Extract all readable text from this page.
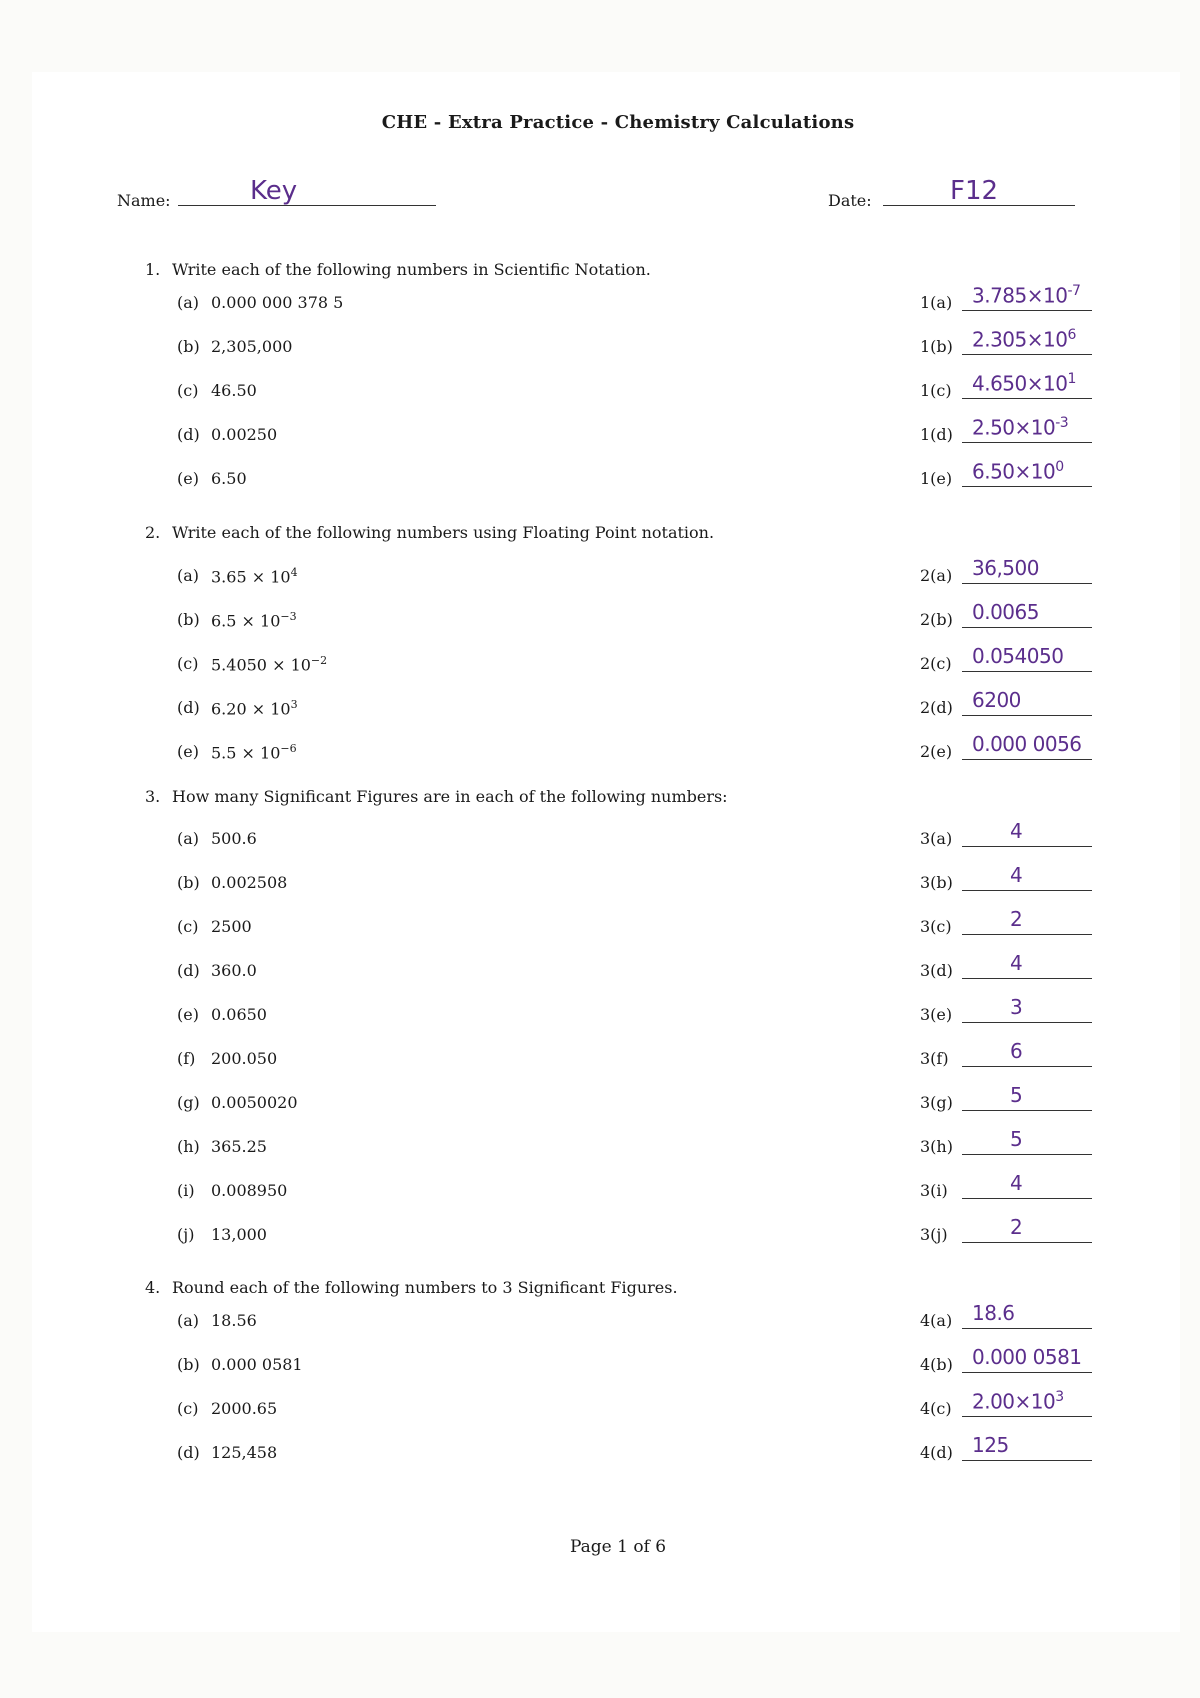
CHE - Extra Practice - Chemistry Calculations
Name:	Key	Date:	F12
1. Write each of the following numbers in Scientific Notation.
(a) 0.000 000 378 5	1(a) $3.785\times 10^{-7}$
(b) 2,305,000	1(b) $2.305\times 10^6$
(c) 46.50	1(c) $4.650\times 10^1$
(d) 0.00250	1(d) $2.50\times 10^{-3}$
(e) 6.50	1(e) $6.50\times 10^0$
2. Write each of the following numbers using Floating Point notation.
(a) $3.65 \times 10^4$	2(a) 36,500
(b) $6.5 \times 10^{-3}$	2(b) 0.0065
(c) $5.4050 \times 10^{-2}$	2(c) 0.054050
(d) $6.20 \times 10^3$	2(d) 6200
(e) $5.5 \times 10^{-6}$	2(e) 0.000 0056
3. How many Significant Figures are in each of the following numbers:
(a) 500.6	3(a)	4
(b) 0.002508	3(b)	4
(c) 2500	3(c)	2
(d) 360.0	3(d)	4
(e) 0.0650	3(e)	3
(f) 200.050	3(f)	6
(g) 0.0050020	3(g)	5
(h) 365.25	3(h)	5
(i) 0.008950	3(i)	4
(j) 13,000	3(j)	2
4. Round each of the following numbers to 3 Significant Figures.
(a) 18.56	4(a) 18.6
(b) 0.000 0581	4(b) 0.000 0581
(c) 2000.65	4(c) $2.00\times 10^3$
(d) 125,458	4(d) 125
Page 1 of 6
